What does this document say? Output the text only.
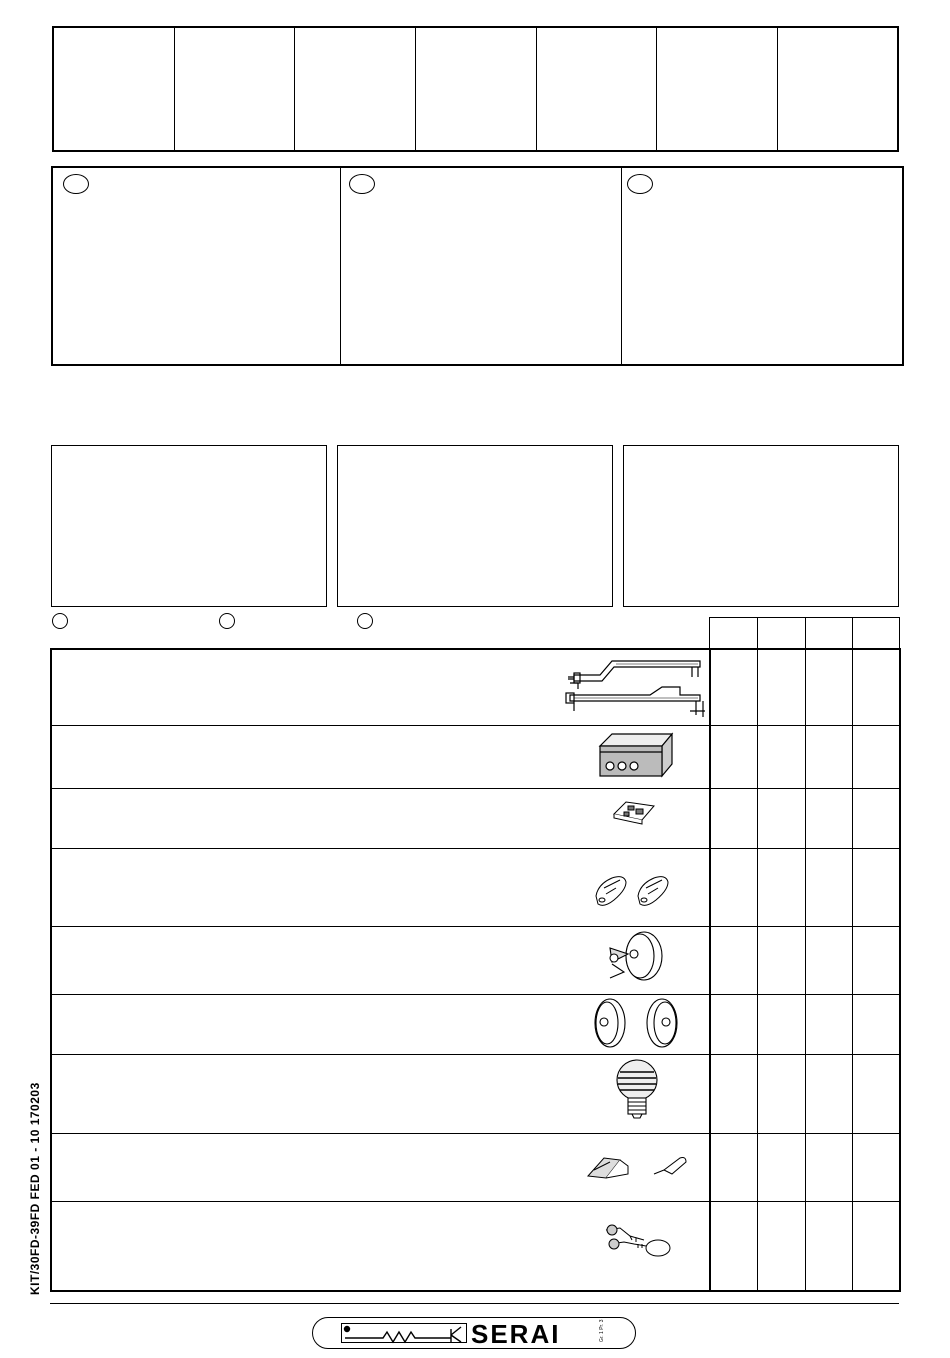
KIT/30FD-39FD FED 01 - 10 170203
SERAI	Gr. 1 Pr. 3
